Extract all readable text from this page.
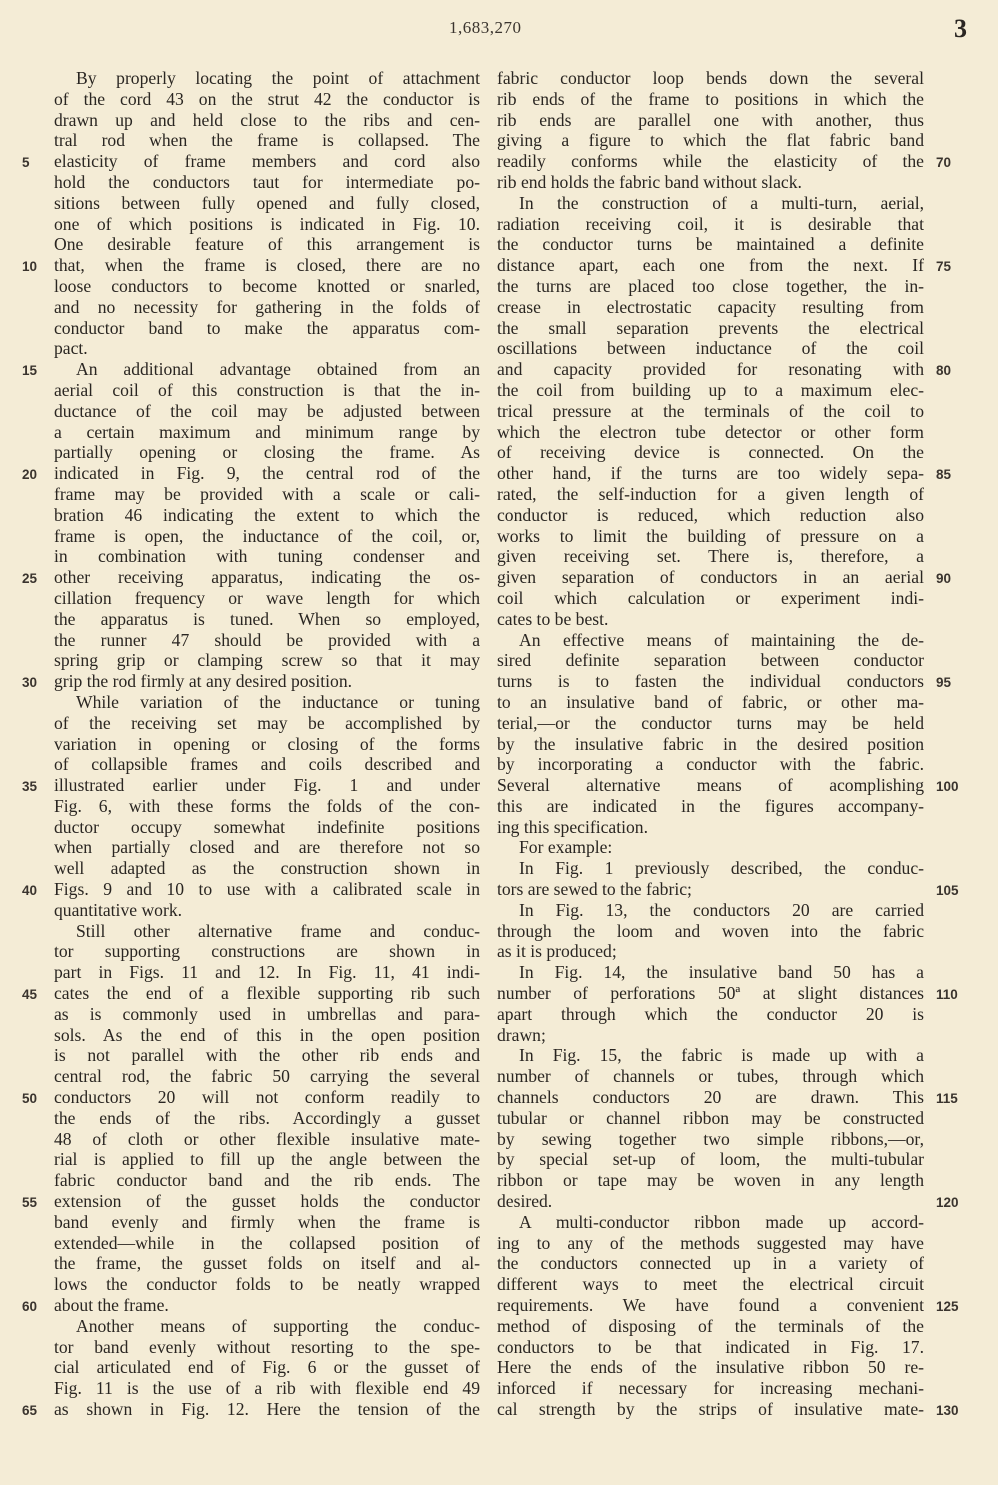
1,683,270	3
By properly locating the point of attachment
of the cord 43 on the strut 42 the conductor is
drawn up and held close to the ribs and cen-
tral rod when the frame is collapsed. The
elasticity of frame members and cord also
hold the conductors taut for intermediate po-
sitions between fully opened and fully closed,
one of which positions is indicated in Fig. 10.
One desirable feature of this arrangement is
that, when the frame is closed, there are no
loose conductors to become knotted or snarled,
and no necessity for gathering in the folds of
conductor band to make the apparatus com-
pact.
An additional advantage obtained from an
aerial coil of this construction is that the in-
ductance of the coil may be adjusted between
a certain maximum and minimum range by
partially opening or closing the frame. As
indicated in Fig. 9, the central rod of the
frame may be provided with a scale or cali-
bration 46 indicating the extent to which the
frame is open, the inductance of the coil, or,
in combination with tuning condenser and
other receiving apparatus, indicating the os-
cillation frequency or wave length for which
the apparatus is tuned. When so employed,
the runner 47 should be provided with a
spring grip or clamping screw so that it may
grip the rod firmly at any desired position.
While variation of the inductance or tuning
of the receiving set may be accomplished by
variation in opening or closing of the forms
of collapsible frames and coils described and
illustrated earlier under Fig. 1 and under
Fig. 6, with these forms the folds of the con-
ductor occupy somewhat indefinite positions
when partially closed and are therefore not so
well adapted as the construction shown in
Figs. 9 and 10 to use with a calibrated scale in
quantitative work.
Still other alternative frame and conduc-
tor supporting constructions are shown in
part in Figs. 11 and 12. In Fig. 11, 41 indi-
cates the end of a flexible supporting rib such
as is commonly used in umbrellas and para-
sols. As the end of this in the open position
is not parallel with the other rib ends and
central rod, the fabric 50 carrying the several
conductors 20 will not conform readily to
the ends of the ribs. Accordingly a gusset
48 of cloth or other flexible insulative mate-
rial is applied to fill up the angle between the
fabric conductor band and the rib ends. The
extension of the gusset holds the conductor
band evenly and firmly when the frame is
extended—while in the collapsed position of
the frame, the gusset folds on itself and al-
lows the conductor folds to be neatly wrapped
about the frame.
Another means of supporting the conduc-
tor band evenly without resorting to the spe-
cial articulated end of Fig. 6 or the gusset of
Fig. 11 is the use of a rib with flexible end 49
as shown in Fig. 12. Here the tension of the
fabric conductor loop bends down the several
rib ends of the frame to positions in which the
rib ends are parallel one with another, thus
giving a figure to which the flat fabric band
readily conforms while the elasticity of the
rib end holds the fabric band without slack.
In the construction of a multi-turn, aerial,
radiation receiving coil, it is desirable that
the conductor turns be maintained a definite
distance apart, each one from the next. If
the turns are placed too close together, the in-
crease in electrostatic capacity resulting from
the small separation prevents the electrical
oscillations between inductance of the coil
and capacity provided for resonating with
the coil from building up to a maximum elec-
trical pressure at the terminals of the coil to
which the electron tube detector or other form
of receiving device is connected. On the
other hand, if the turns are too widely sepa-
rated, the self-induction for a given length of
conductor is reduced, which reduction also
works to limit the building of pressure on a
given receiving set. There is, therefore, a
given separation of conductors in an aerial
coil which calculation or experiment indi-
cates to be best.
An effective means of maintaining the de-
sired definite separation between conductor
turns is to fasten the individual conductors
to an insulative band of fabric, or other ma-
terial,—or the conductor turns may be held
by the insulative fabric in the desired position
by incorporating a conductor with the fabric.
Several alternative means of acomplishing
this are indicated in the figures accompany-
ing this specification.
For example:
In Fig. 1 previously described, the conduc-
tors are sewed to the fabric;
In Fig. 13, the conductors 20 are carried
through the loom and woven into the fabric
as it is produced;
In Fig. 14, the insulative band 50 has a
number of perforations 50ª at slight distances
apart through which the conductor 20 is
drawn;
In Fig. 15, the fabric is made up with a
number of channels or tubes, through which
channels conductors 20 are drawn. This
tubular or channel ribbon may be constructed
by sewing together two simple ribbons,—or,
by special set-up of loom, the multi-tubular
ribbon or tape may be woven in any length
desired.
A multi-conductor ribbon made up accord-
ing to any of the methods suggested may have
the conductors connected up in a variety of
different ways to meet the electrical circuit
requirements. We have found a convenient
method of disposing of the terminals of the
conductors to be that indicated in Fig. 17.
Here the ends of the insulative ribbon 50 re-
inforced if necessary for increasing mechani-
cal strength by the strips of insulative mate-
5
10
15
20
25
30
35
40
45
50
55
60
65
70
75
80
85
90
95
100
105
110
115
120
125
130
